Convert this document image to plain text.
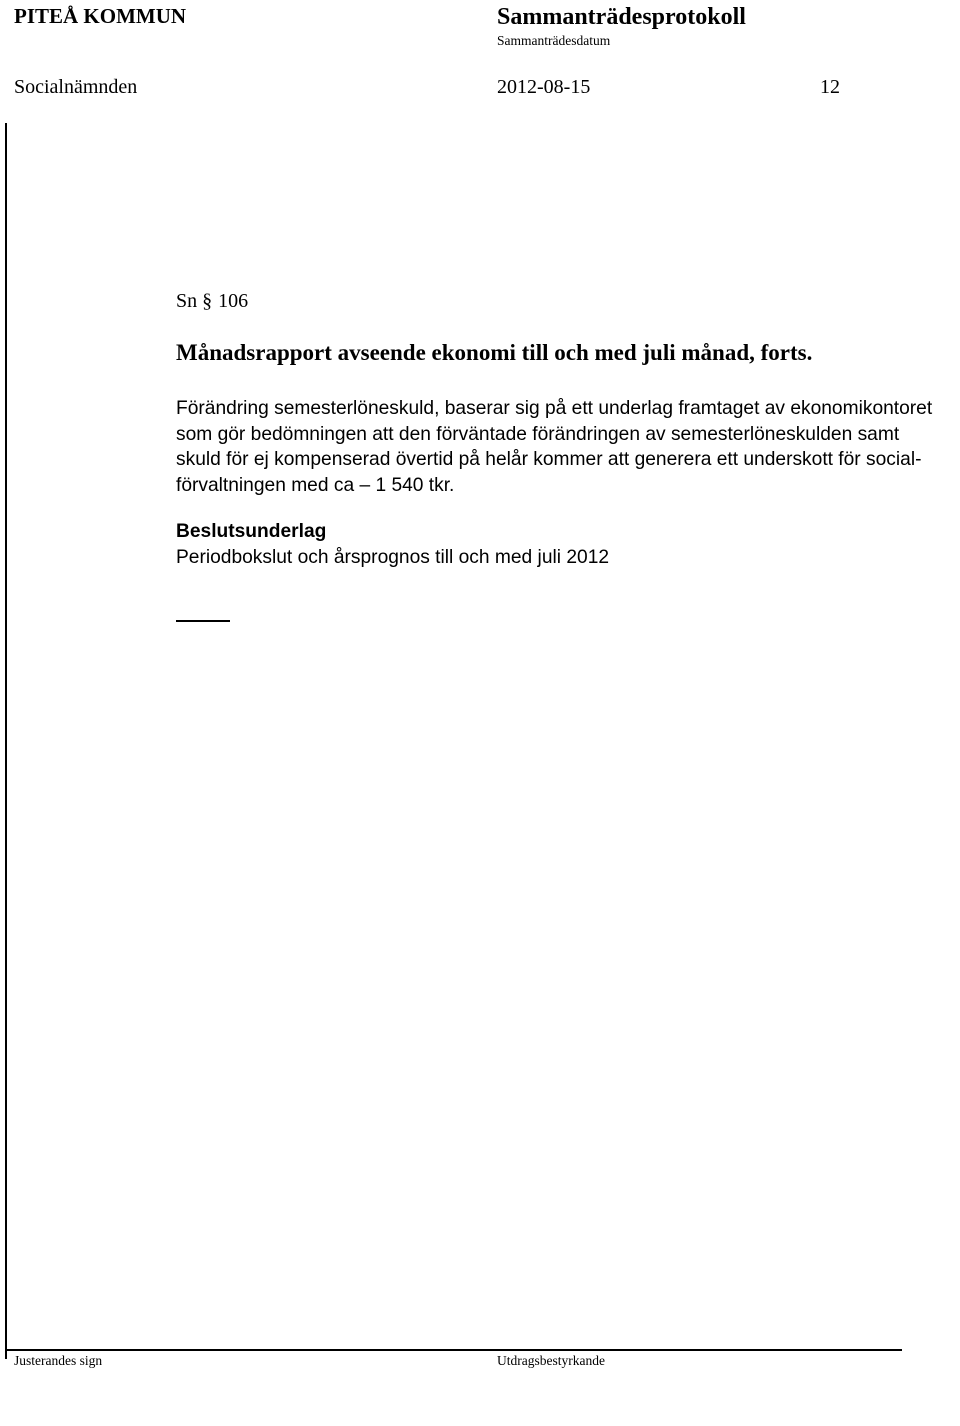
PITEÅ KOMMUN	Sammanträdesprotokoll
Sammanträdesdatum
Socialnämnden	2012-08-15	12
Sn § 106
Månadsrapport avseende ekonomi till och med juli månad, forts.
Förändring semesterlöneskuld, baserar sig på ett underlag framtaget av ekonomikontoret
som gör bedömningen att den förväntade förändringen av semesterlöneskulden samt
skuld för ej kompenserad övertid på helår kommer att generera ett underskott för social-
förvaltningen med ca – 1 540 tkr.
Beslutsunderlag
Periodbokslut och årsprognos till och med juli 2012
Justerandes sign	Utdragsbestyrkande
